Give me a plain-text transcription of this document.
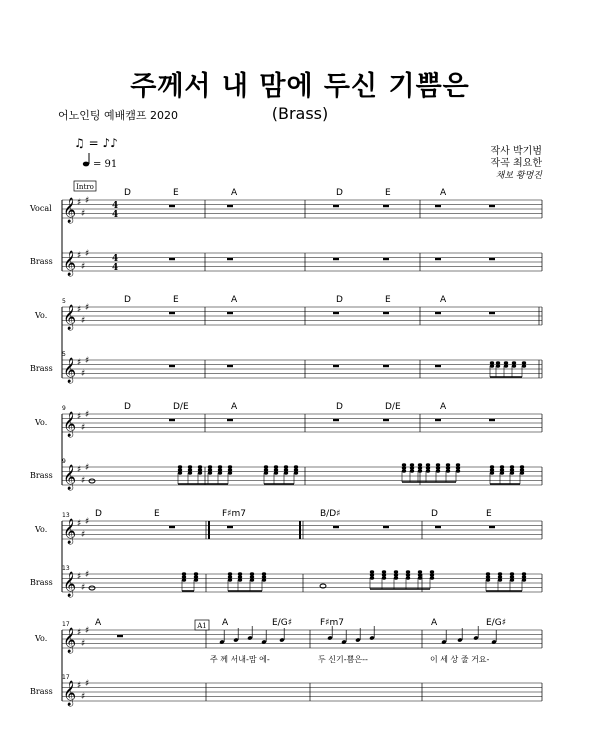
주께서 내 맘에 두신 기쁨은
(Brass)
어노인팅 예배캠프 2020
작사 박기범
작곡 최요한
채보 황명진
♫ = ♪♪
= 91
Intro
Vocal
Brass
𝄞 ♯
♯
♯
𝄞 ♯
♯
♯
4
4
4
4
D	E	A	D	E	A
Vo.
Brass
5
5
𝄞 ♯
♯
♯
𝄞 ♯
♯
♯
D	E	A	D	E	A
Vo.
Brass
9
9
𝄞 ♯
♯
♯
𝄞 ♯
♯
♯
D	D/E	A	D	D/E	A
Vo.
Brass
13
13
𝄞 ♯
♯
♯
𝄞 ♯
♯
♯
D	E	F♯m7	B/D♯	D	E
Vo.
Brass
17
17
𝄞 ♯
♯
♯
𝄞 ♯
♯
♯
A	A	E/G♯	F♯m7	A	E/G♯
주 께 서내-맘 에-	두 신기-쁨은--	이 세 상 줄 거요-
A1
